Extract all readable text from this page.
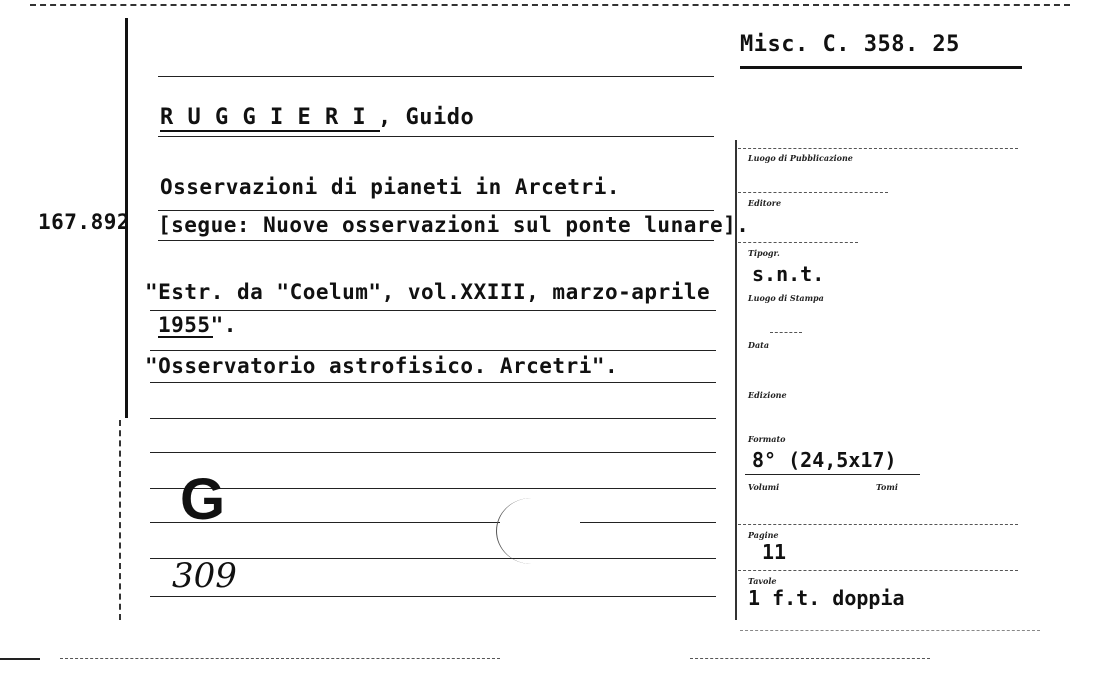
Misc. C. 358. 25
R U G G I E R I , Guido
167.892
Osservazioni di pianeti in Arcetri.
[segue: Nuove osservazioni sul ponte lunare].
"Estr. da "Coelum", vol.XXIII, marzo-aprile
1955".
"Osservatorio astrofisico. Arcetri".
G
309
Luogo di Pubblicazione
Editore
Tipogr.
s.n.t.
Luogo di Stampa
Data
Edizione
Formato
8° (24,5x17)
Volumi	Tomi
Pagine
11
Tavole
1 f.t. doppia
